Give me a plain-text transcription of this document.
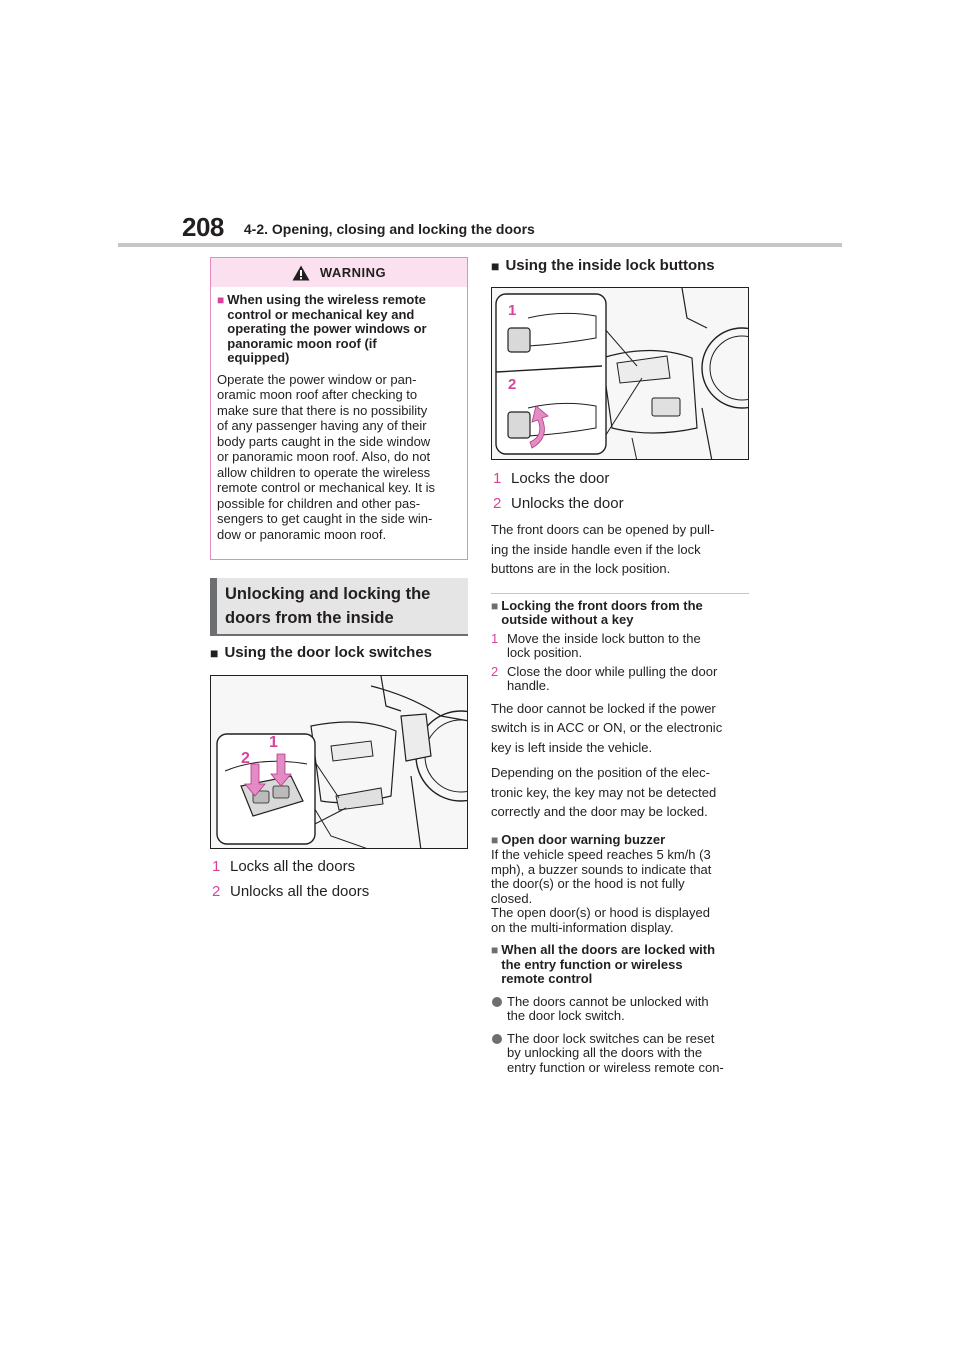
208 4-2. Opening, closing and locking the doors
WARNING
■ When using the wireless remote
control or mechanical key and
operating the power windows or
panoramic moon roof (if
equipped)
Operate the power window or pan-
oramic moon roof after checking to
make sure that there is no possibility
of any passenger having any of their
body parts caught in the side window
or panoramic moon roof. Also, do not
allow children to operate the wireless
remote control or mechanical key. It is
possible for children and other pas-
sengers to get caught in the side win-
dow or panoramic moon roof.
Unlocking and locking the
doors from the inside
■ Using the door lock switches
1
2
1 Locks all the doors
2 Unlocks all the doors
■ Using the inside lock buttons
1
2
1 Locks the door
2 Unlocks the door
The front doors can be opened by pull-
ing the inside handle even if the lock
buttons are in the lock position.
■ Locking the front doors from the
outside without a key
1 Move the inside lock button to the
lock position.
2 Close the door while pulling the door
handle.
The door cannot be locked if the power
switch is in ACC or ON, or the electronic
key is left inside the vehicle.
Depending on the position of the elec-
tronic key, the key may not be detected
correctly and the door may be locked.
■ Open door warning buzzer
If the vehicle speed reaches 5 km/h (3
mph), a buzzer sounds to indicate that
the door(s) or the hood is not fully
closed.
The open door(s) or hood is displayed
on the multi-information display.
■ When all the doors are locked with
the entry function or wireless
remote control
The doors cannot be unlocked with
the door lock switch.
The door lock switches can be reset
by unlocking all the doors with the
entry function or wireless remote con-
